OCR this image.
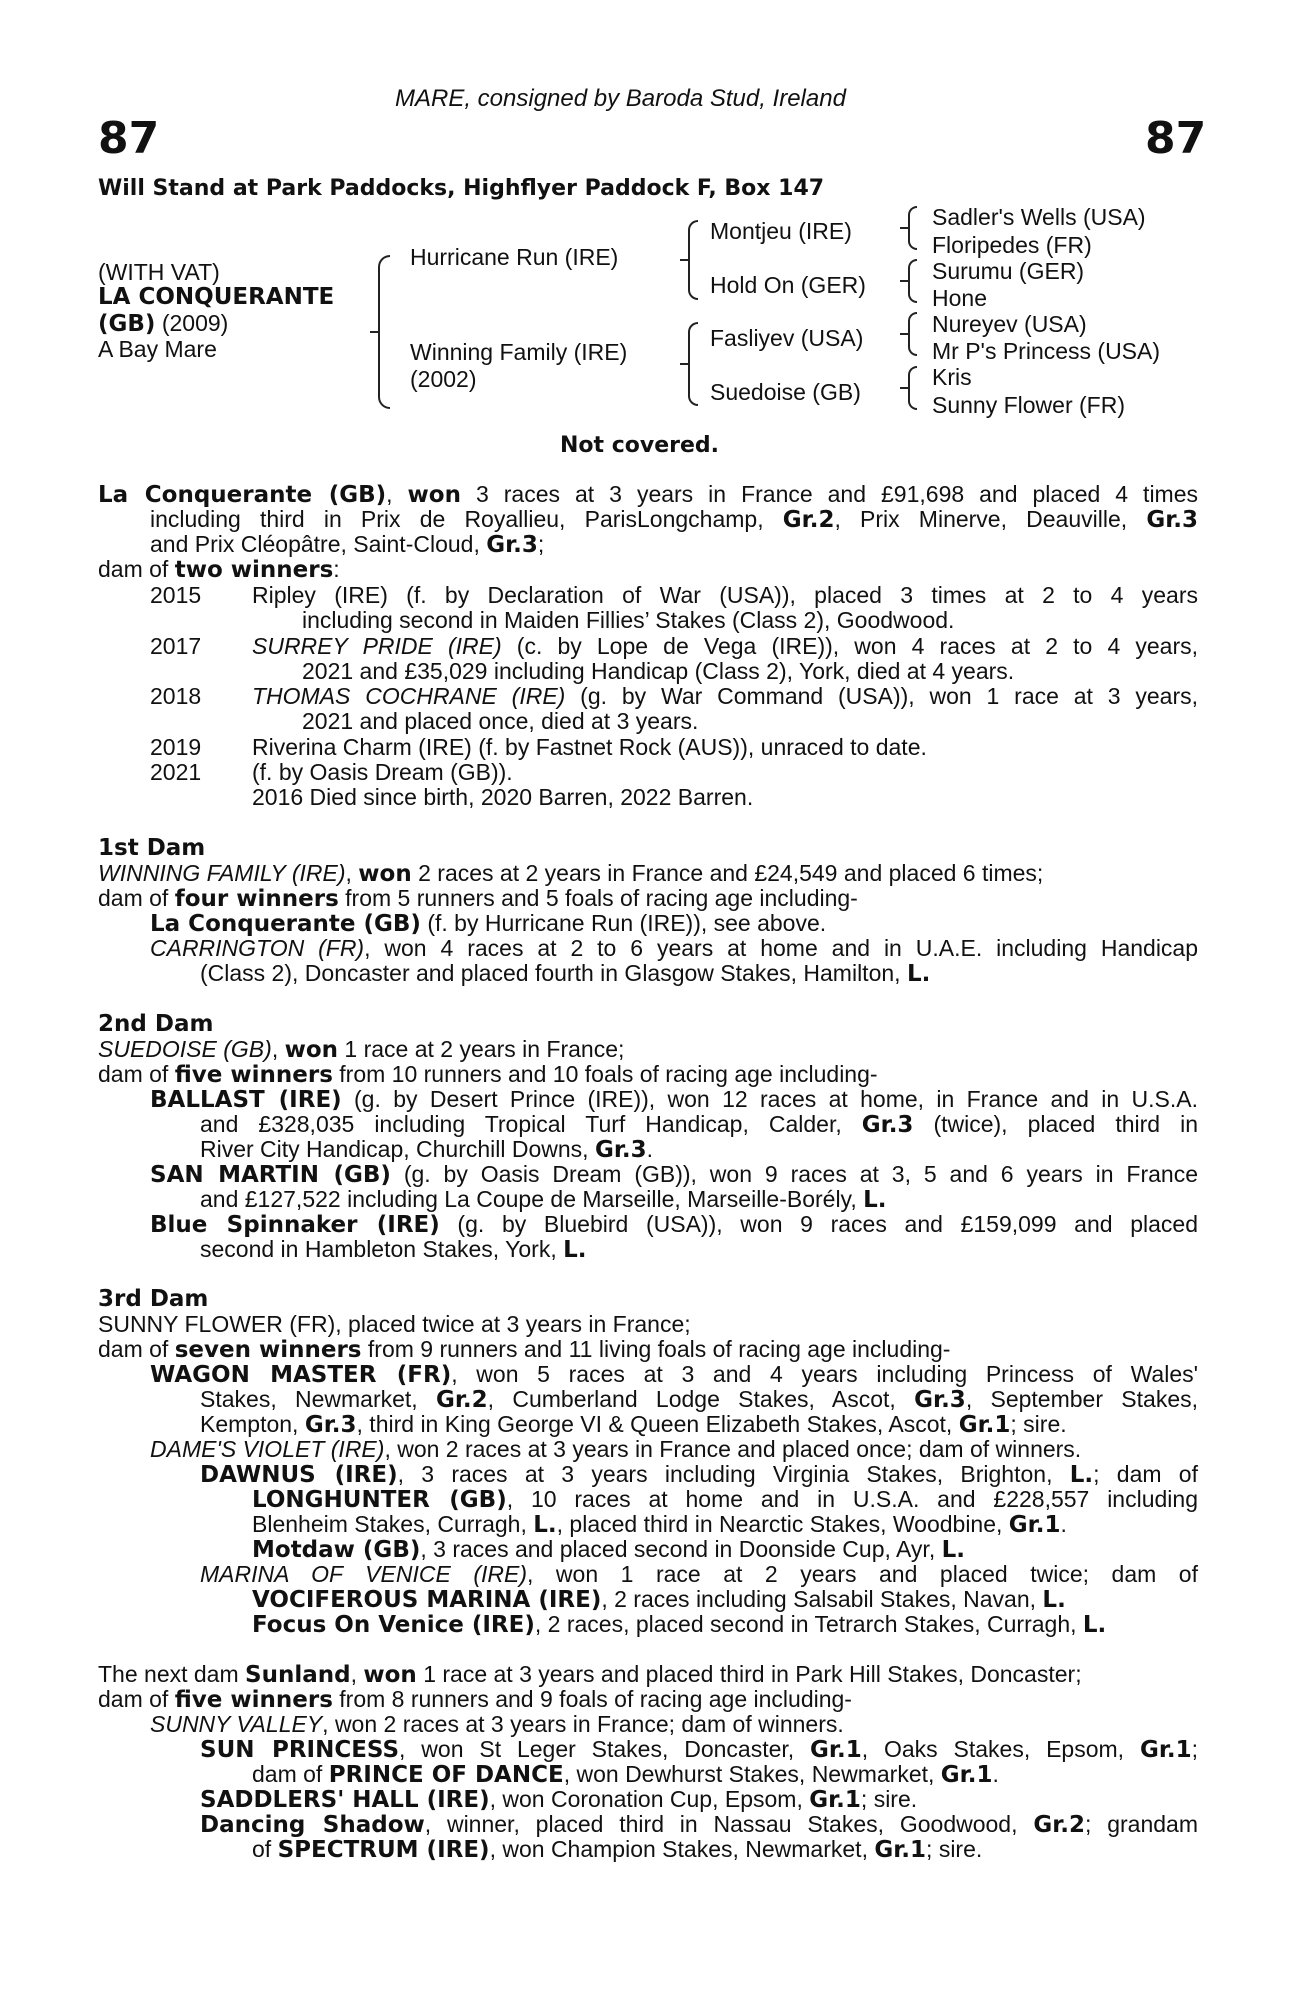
MARE, consigned by Baroda Stud, Ireland
87	87
Will Stand at Park Paddocks, Highflyer Paddock F, Box 147
(WITH VAT)
LA CONQUERANTE
(GB) (2009)
A Bay Mare
Hurricane Run (IRE)
Winning Family (IRE)
(2002)
Montjeu (IRE)
Hold On (GER)
Fasliyev (USA)
Suedoise (GB)
Sadler's Wells (USA)
Floripedes (FR)
Surumu (GER)
Hone
Nureyev (USA)
Mr P's Princess (USA)
Kris
Sunny Flower (FR)
Not covered.
La Conquerante (GB), won 3 races at 3 years in France and £91,698 and placed 4 times
including third in Prix de Royallieu, ParisLongchamp, Gr.2, Prix Minerve, Deauville, Gr.3
and Prix Cléopâtre, Saint-Cloud, Gr.3;
dam of two winners:
2015	Ripley (IRE) (f. by Declaration of War (USA)), placed 3 times at 2 to 4 years
including second in Maiden Fillies’ Stakes (Class 2), Goodwood.
2017	SURREY PRIDE (IRE) (c. by Lope de Vega (IRE)), won 4 races at 2 to 4 years,
2021 and £35,029 including Handicap (Class 2), York, died at 4 years.
2018	THOMAS COCHRANE (IRE) (g. by War Command (USA)), won 1 race at 3 years,
2021 and placed once, died at 3 years.
2019	Riverina Charm (IRE) (f. by Fastnet Rock (AUS)), unraced to date.
2021	(f. by Oasis Dream (GB)).
2016 Died since birth, 2020 Barren, 2022 Barren.
1st Dam
WINNING FAMILY (IRE), won 2 races at 2 years in France and £24,549 and placed 6 times;
dam of four winners from 5 runners and 5 foals of racing age including-
La Conquerante (GB) (f. by Hurricane Run (IRE)), see above.
CARRINGTON (FR), won 4 races at 2 to 6 years at home and in U.A.E. including Handicap
(Class 2), Doncaster and placed fourth in Glasgow Stakes, Hamilton, L.
2nd Dam
SUEDOISE (GB), won 1 race at 2 years in France;
dam of five winners from 10 runners and 10 foals of racing age including-
BALLAST (IRE) (g. by Desert Prince (IRE)), won 12 races at home, in France and in U.S.A.
and £328,035 including Tropical Turf Handicap, Calder, Gr.3 (twice), placed third in
River City Handicap, Churchill Downs, Gr.3.
SAN MARTIN (GB) (g. by Oasis Dream (GB)), won 9 races at 3, 5 and 6 years in France
and £127,522 including La Coupe de Marseille, Marseille-Borély, L.
Blue Spinnaker (IRE) (g. by Bluebird (USA)), won 9 races and £159,099 and placed
second in Hambleton Stakes, York, L.
3rd Dam
SUNNY FLOWER (FR), placed twice at 3 years in France;
dam of seven winners from 9 runners and 11 living foals of racing age including-
WAGON MASTER (FR), won 5 races at 3 and 4 years including Princess of Wales'
Stakes, Newmarket, Gr.2, Cumberland Lodge Stakes, Ascot, Gr.3, September Stakes,
Kempton, Gr.3, third in King George VI & Queen Elizabeth Stakes, Ascot, Gr.1; sire.
DAME'S VIOLET (IRE), won 2 races at 3 years in France and placed once; dam of winners.
DAWNUS (IRE), 3 races at 3 years including Virginia Stakes, Brighton, L.; dam of
LONGHUNTER (GB), 10 races at home and in U.S.A. and £228,557 including
Blenheim Stakes, Curragh, L., placed third in Nearctic Stakes, Woodbine, Gr.1.
Motdaw (GB), 3 races and placed second in Doonside Cup, Ayr, L.
MARINA OF VENICE (IRE), won 1 race at 2 years and placed twice; dam of
VOCIFEROUS MARINA (IRE), 2 races including Salsabil Stakes, Navan, L.
Focus On Venice (IRE), 2 races, placed second in Tetrarch Stakes, Curragh, L.
The next dam Sunland, won 1 race at 3 years and placed third in Park Hill Stakes, Doncaster;
dam of five winners from 8 runners and 9 foals of racing age including-
SUNNY VALLEY, won 2 races at 3 years in France; dam of winners.
SUN PRINCESS, won St Leger Stakes, Doncaster, Gr.1, Oaks Stakes, Epsom, Gr.1;
dam of PRINCE OF DANCE, won Dewhurst Stakes, Newmarket, Gr.1.
SADDLERS' HALL (IRE), won Coronation Cup, Epsom, Gr.1; sire.
Dancing Shadow, winner, placed third in Nassau Stakes, Goodwood, Gr.2; grandam
of SPECTRUM (IRE), won Champion Stakes, Newmarket, Gr.1; sire.
